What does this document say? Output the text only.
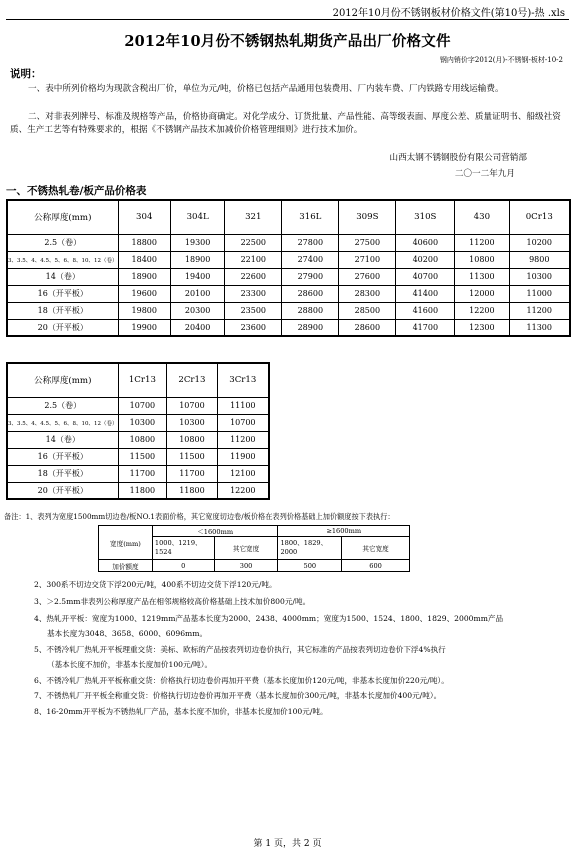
2012年10月份不锈钢板材价格文件(第10号)-热 .xls
2012年10月份不锈钢热轧期货产品出厂价格文件
钢内销价字2012(月)-不锈钢-板材-10-2
说明：
一、表中所列价格均为现款含税出厂价，单位为元/吨，价格已包括产品通用包装费用、厂内装车费、厂内铁路专用线运输费。
二、对非表列牌号、标准及规格等产品，价格协商确定。对化学成分、订货批量、产品性能、高等级表面、厚度公差、质量证明书、船级社资质、生产工艺等有特殊要求的，根据《不锈钢产品技术加减价价格管理细则》进行技术加价。
山西太钢不锈钢股份有限公司营销部
二〇一二年九月
一、不锈热轧卷/板产品价格表
公称厚度(mm)	304	304L	321	316L	309S	310S	430	0Cr13
2.5（卷）	18800	19300	22500	27800	27500	40600	11200	10200
3、3.5、4、4.5、5、6、8、10、12（卷）	18400	18900	22100	27400	27100	40200	10800	9800
14（卷）	18900	19400	22600	27900	27600	40700	11300	10300
16（开平板）	19600	20100	23300	28600	28300	41400	12000	11000
18（开平板）	19800	20300	23500	28800	28500	41600	12200	11200
20（开平板）	19900	20400	23600	28900	28600	41700	12300	11300
公称厚度(mm)	1Cr13	2Cr13	3Cr13
2.5（卷）	10700	10700	11100
3、3.5、4、4.5、5、6、8、10、12（卷）	10300	10300	10700
14（卷）	10800	10800	11200
16（开平板）	11500	11500	11900
18（开平板）	11700	11700	12100
20（开平板）	11800	11800	12200
备注：1、表列为宽度1500mm切边卷/板NO.1表面价格，其它宽度切边卷/板价格在表列价格基础上加价额度按下表执行：
宽度(mm)	＜1600mm		≥1600mm	
	1000、1219、1524	其它宽度	1800、1829、2000	其它宽度
加价额度	0	300	500	600
2、300系不切边交货下浮200元/吨，400系不切边交货下浮120元/吨。
3、＞2.5mm非表列公称厚度产品在相邻规格较高价格基础上技术加价800元/吨。
4、热轧开平板：宽度为1000、1219mm产品基本长度为2000、2438、4000mm；宽度为1500、1524、1800、1829、2000mm产品
基本长度为3048、3658、6000、6096mm。
5、不锈冷轧厂热轧开平板理重交货：美标、欧标的产品按表列切边卷价执行，其它标准的产品按表列切边卷价下浮4%执行
（基本长度不加价，非基本长度加价100元/吨）。
6、不锈冷轧厂热轧开平板称重交货：价格执行切边卷价再加开平费（基本长度加价120元/吨，非基本长度加价220元/吨）。
7、不锈热轧厂开平板全称重交货：价格执行切边卷价再加开平费（基本长度加价300元/吨，非基本长度加价400元/吨）。
8、16-20mm开平板为不锈热轧厂产品，基本长度不加价，非基本长度加价100元/吨。
第 1 页，共 2 页
